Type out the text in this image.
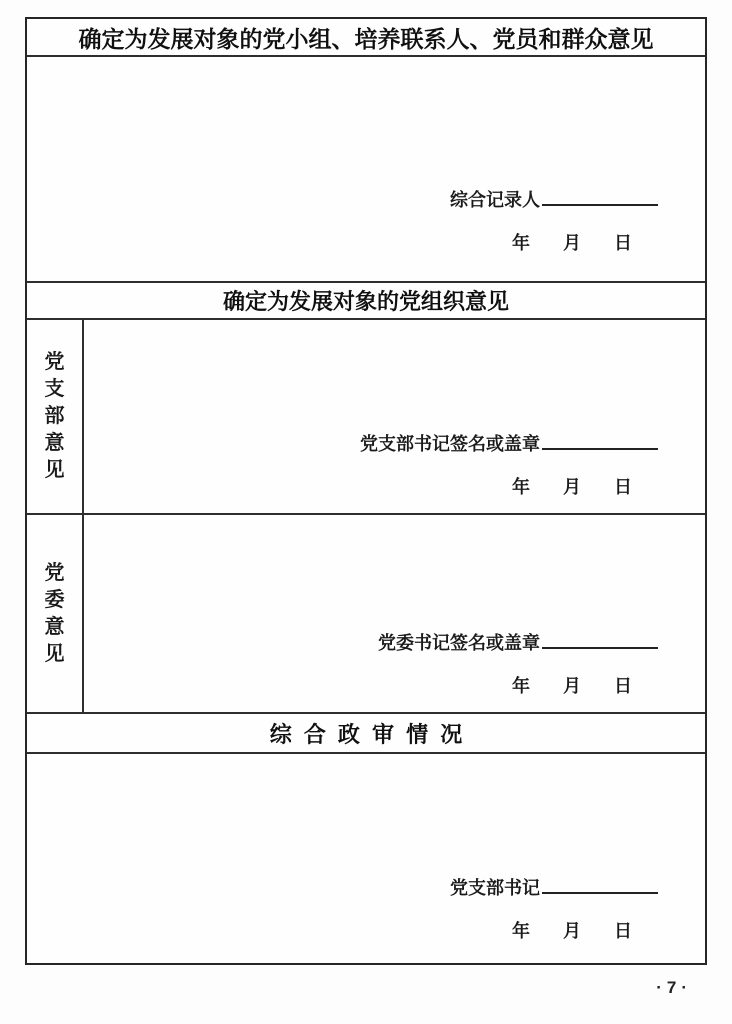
确定为发展对象的党小组、培养联系人、党员和群众意见
综合记录人
年 月 日
确定为发展对象的党组织意见
党支部意见
党支部书记签名或盖章
年 月 日
党委意见	党委书记签名或盖章
年 月 日
综合政审情况
党支部书记
年 月 日
·7·
